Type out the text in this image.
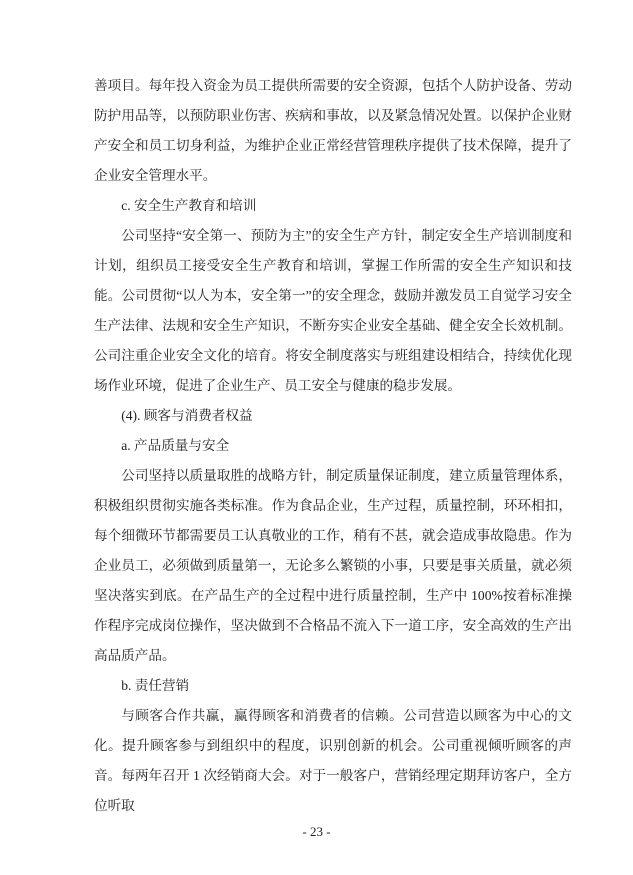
善项目。每年投入资金为员工提供所需要的安全资源，包括个人防护设备、劳动防护用品等，以预防职业伤害、疾病和事故，以及紧急情况处置。以保护企业财产安全和员工切身利益，为维护企业正常经营管理秩序提供了技术保障，提升了企业安全管理水平。

c. 安全生产教育和培训

公司坚持“安全第一、预防为主”的安全生产方针，制定安全生产培训制度和计划，组织员工接受安全生产教育和培训，掌握工作所需的安全生产知识和技能。公司贯彻“以人为本，安全第一”的安全理念，鼓励并激发员工自觉学习安全生产法律、法规和安全生产知识，不断夯实企业安全基础、健全安全长效机制。公司注重企业安全文化的培育。将安全制度落实与班组建设相结合，持续优化现场作业环境，促进了企业生产、员工安全与健康的稳步发展。

(4). 顾客与消费者权益

a. 产品质量与安全

公司坚持以质量取胜的战略方针，制定质量保证制度，建立质量管理体系，积极组织贯彻实施各类标准。作为食品企业，生产过程，质量控制，环环相扣，每个细微环节都需要员工认真敬业的工作，稍有不甚，就会造成事故隐患。作为企业员工，必须做到质量第一，无论多么繁锁的小事，只要是事关质量，就必须坚决落实到底。在产品生产的全过程中进行质量控制，生产中 100%按着标准操作程序完成岗位操作，坚决做到不合格品不流入下一道工序，安全高效的生产出高品质产品。

b. 责任营销

与顾客合作共赢，赢得顾客和消费者的信赖。公司营造以顾客为中心的文化。提升顾客参与到组织中的程度，识别创新的机会。公司重视倾听顾客的声音。每两年召开 1 次经销商大会。对于一般客户，营销经理定期拜访客户，全方位听取

- 23 -
